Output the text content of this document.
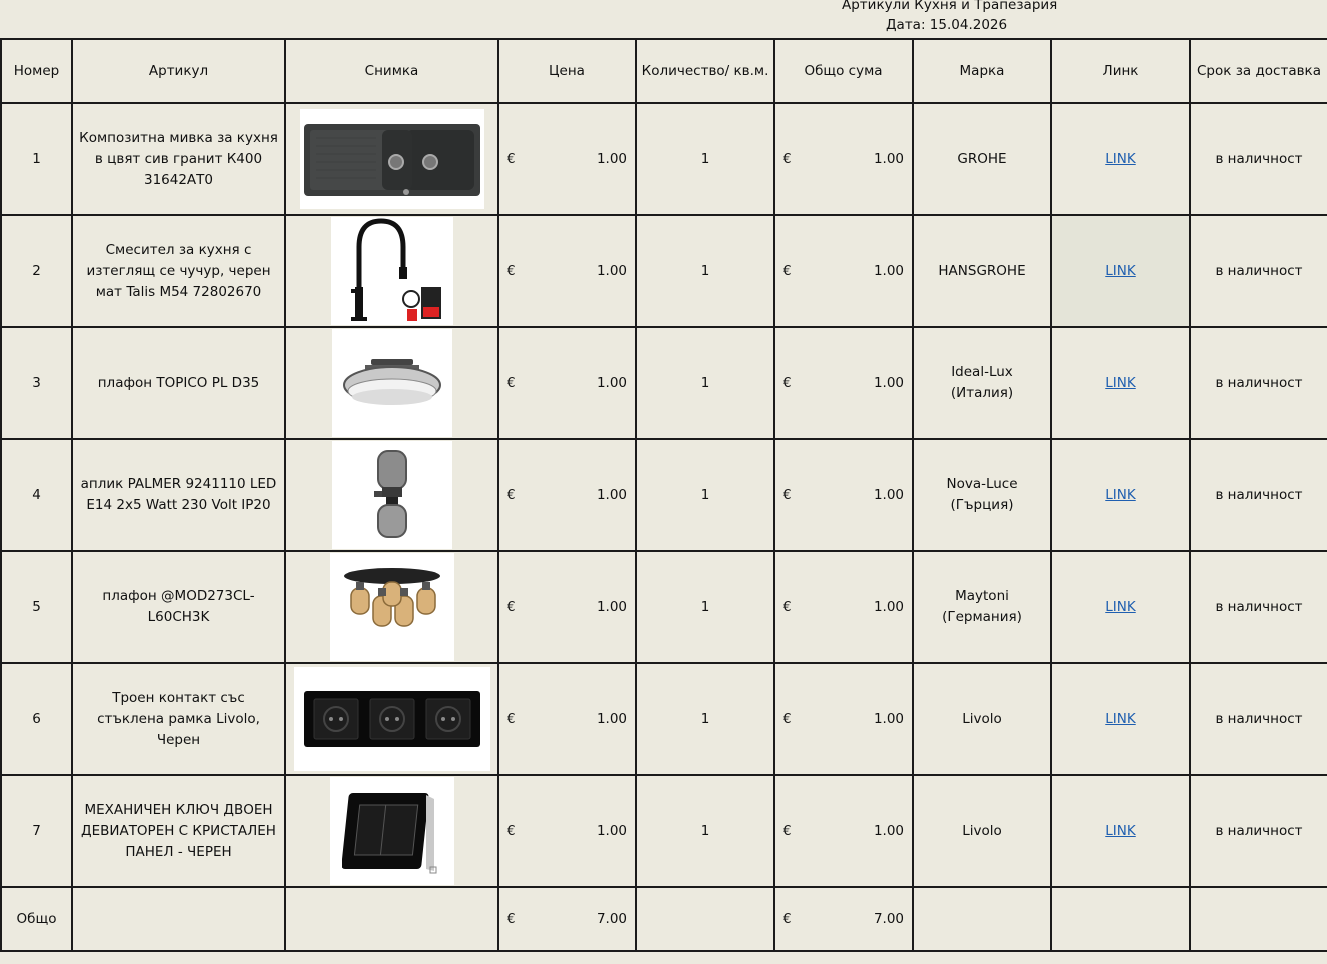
Артикули Кухня и Трапезария
Дата: 15.04.2026
Номер	Артикул	Снимка	Цена	Количество/ кв.м.	Общо сума	Марка	Линк	Срок за доставка
1	Композитна мивка за кухня в цвят сив гранит К400 31642АТ0		€ 1.00	1	€ 1.00	GROHE	LINK	в наличност
2	Смесител за кухня с изтеглящ се чучур, черен мат Talis M54 72802670		€ 1.00	1	€ 1.00	HANSGROHE	LINK	в наличност
3	плафон TOPICO PL D35		€ 1.00	1	€ 1.00	Ideal-Lux (Италия)	LINK	в наличност
4	аплик PALMER 9241110 LED E14 2x5 Watt 230 Volt IP20		€ 1.00	1	€ 1.00	Nova-Luce (Гърция)	LINK	в наличност
5	плафон @MOD273CL-L60CH3K		€ 1.00	1	€ 1.00	Maytoni (Германия)	LINK	в наличност
6	Троен контакт със стъклена рамка Livolo, Черен		€ 1.00	1	€ 1.00	Livolo	LINK	в наличност
7	МЕХАНИЧЕН КЛЮЧ ДВОЕН ДЕВИАТОРЕН С КРИСТАЛЕН ПАНЕЛ - ЧЕРЕН		€ 1.00	1	€ 1.00	Livolo	LINK	в наличност
Общо			€ 7.00		€ 7.00			
